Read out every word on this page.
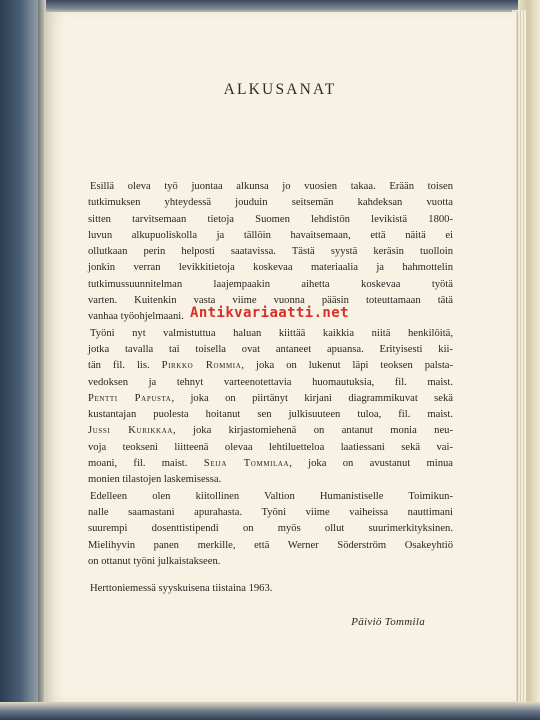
ALKUSANAT

Esillä oleva työ juontaa alkunsa jo vuosien takaa. Erään toisen

tutkimuksen yhteydessä jouduin seitsemän kahdeksan vuotta

sitten tarvitsemaan tietoja Suomen lehdistön levikistä 1800-

luvun alkupuoliskolla ja tällöin havaitsemaan, että näitä ei

ollutkaan perin helposti saatavissa. Tästä syystä keräsin tuolloin

jonkin verran levikkitietoja koskevaa materiaalia ja hahmottelin

tutkimussuunnitelman laajempaakin aihetta koskevaa työtä

varten. Kuitenkin vasta viime vuonna pääsin toteuttamaan tätä

vanhaa työohjelmaani.

Työni nyt valmistuttua haluan kiittää kaikkia niitä henkilöitä,

jotka tavalla tai toisella ovat antaneet apuansa. Erityisesti kii-

tän fil. lis. Pirkko Rommia, joka on lukenut läpi teoksen palsta-

vedoksen ja tehnyt varteenotettavia huomautuksia, fil. maist.

Pentti Papusta, joka on piirtänyt kirjani diagrammikuvat sekä

kustantajan puolesta hoitanut sen julkisuuteen tuloa, fil. maist.

Jussi Kurikkaa, joka kirjastomiehenä on antanut monia neu-

voja teokseni liitteenä olevaa lehtiluetteloa laatiessani sekä vai-

moani, fil. maist. Seija Tommilaa, joka on avustanut minua

monien tilastojen laskemisessa.

Edelleen olen kiitollinen Valtion Humanistiselle Toimikun-

nalle saamastani apurahasta. Työni viime vaiheissa nauttimani

suurempi dosenttistipendi on myös ollut suurimerkityksinen.

Mielihyvin panen merkille, että Werner Söderström Osakeyhtiö

on ottanut työni julkaistakseen.

Herttoniemessä syyskuisena tiistaina 1963.

Päiviö Tommila
Antikvariaatti.net
